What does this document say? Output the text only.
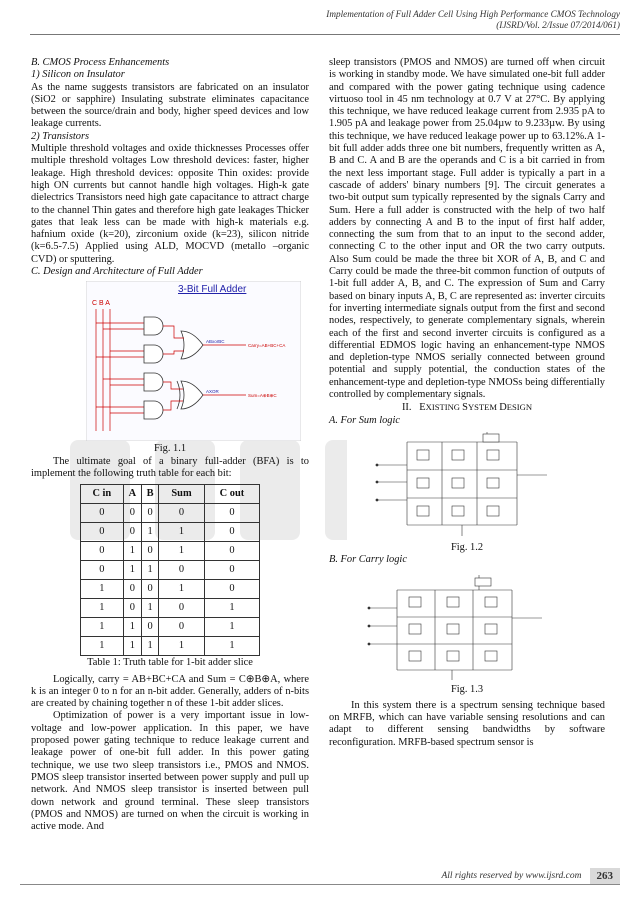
Implementation of Full Adder Cell Using High Performance CMOS Technology
(IJSRD/Vol. 2/Issue 07/2014/061)

B. CMOS Process Enhancements

1) Silicon on Insulator

As the name suggests transistors are fabricated on an insulator (SiO2 or sapphire) Insulating substrate eliminates capacitance between the source/drain and body, higher speed devices and low leakage currents.

2) Transistors

Multiple threshold voltages and oxide thicknesses Processes offer multiple threshold voltages Low threshold devices: faster, higher leakage. High threshold devices: opposite Thin oxides: provide high ON currents but cannot handle high voltages. High-k gate dielectrics Transistors need high gate capacitance to attract charge to the channel Thin gates and therefore high gate leakages Thicker gates that leak less can be made with high-k materials e.g. hafnium oxide (k=20), zirconium oxide (k=23), silicon nitride (k=6.5-7.5) Applied using ALD, MOCVD (metallo –organic CVD) or sputtering.

C. Design and Architecture of Full Adder

3-Bit Full Adder
C B A
ABxorBC
AXOR
Carry=AB+BC+CA
Sum=A⊕B⊕C

Fig. 1.1

The ultimate goal of a binary full-adder (BFA) is to implement the following truth table for each bit:

C in	A	B	Sum	C out
0	0	0	0	0
0	0	1	1	0
0	1	0	1	0
0	1	1	0	0
1	0	0	1	0
1	0	1	0	1
1	1	0	0	1
1	1	1	1	1

Table 1: Truth table for 1-bit adder slice

Logically, carry = AB+BC+CA and Sum = C⊕B⊕A, where k is an integer 0 to n for an n-bit adder. Generally, adders of n-bits are created by chaining together n of these 1-bit adder slices.

Optimization of power is a very important issue in low-voltage and low-power application. In this paper, we have proposed power gating technique to reduce leakage current and leakage power of one-bit full adder. In this power gating technique, we use two sleep transistors i.e., PMOS and NMOS. PMOS sleep transistor inserted between power supply and pull up network. And NMOS sleep transistor is inserted between pull down network and ground terminal. These sleep transistors (PMOS and NMOS) are turned on when the circuit is working in active mode. And

sleep transistors (PMOS and NMOS) are turned off when circuit is working in standby mode. We have simulated one-bit full adder and compared with the power gating technique using cadence virtuoso tool in 45 nm technology at 0.7 V at 27°C. By applying this technique, we have reduced leakage current from 2.935 pA to 1.905 pA and leakage power from 25.04µw to 9.233µw. By using this technique, we have reduced leakage power up to 63.12%.A 1-bit full adder adds three one bit numbers, frequently written as A, B and C. A and B are the operands and C is a bit carried in from the next less important stage. Full adder is typically a part in a cascade of adders' binary numbers [9]. The circuit generates a two-bit output sum typically represented by the signals Carry and Sum. Here a full adder is constructed with the help of two half adders by connecting A and B to the input of first half adder, connecting the sum from that to an input to the second adder, connecting C to the other input and OR the two carry outputs. Also Sum could be made the three bit XOR of A, B, and C and Carry could be made the three-bit common function of outputs of 1-bit full adder A, B, and C. The expression of Sum and Carry based on binary inputs A, B, C are represented as: inverter circuits for inverting intermediate signals output from the first and second nodes, respectively, to generate complementary signals, wherein each of the first and second inverter circuits is configured as a differential EDMOS logic having an enhancement-type NMOS and depletion-type NMOS serially connected between ground potential and supply potential, the conduction states of the enhancement-type and depletion-type NMOSs being differentially controlled by complementary signals.

II. EXISTING SYSTEM DESIGN

A. For Sum logic

Fig. 1.2

B. For Carry logic

Fig. 1.3

In this system there is a spectrum sensing technique based on MRFB, which can have variable sensing resolutions and can adapt to different sensing bandwidths by software reconfiguration. MRFB-based spectrum sensor is

All rights reserved by
www.ijsrd.com	263
